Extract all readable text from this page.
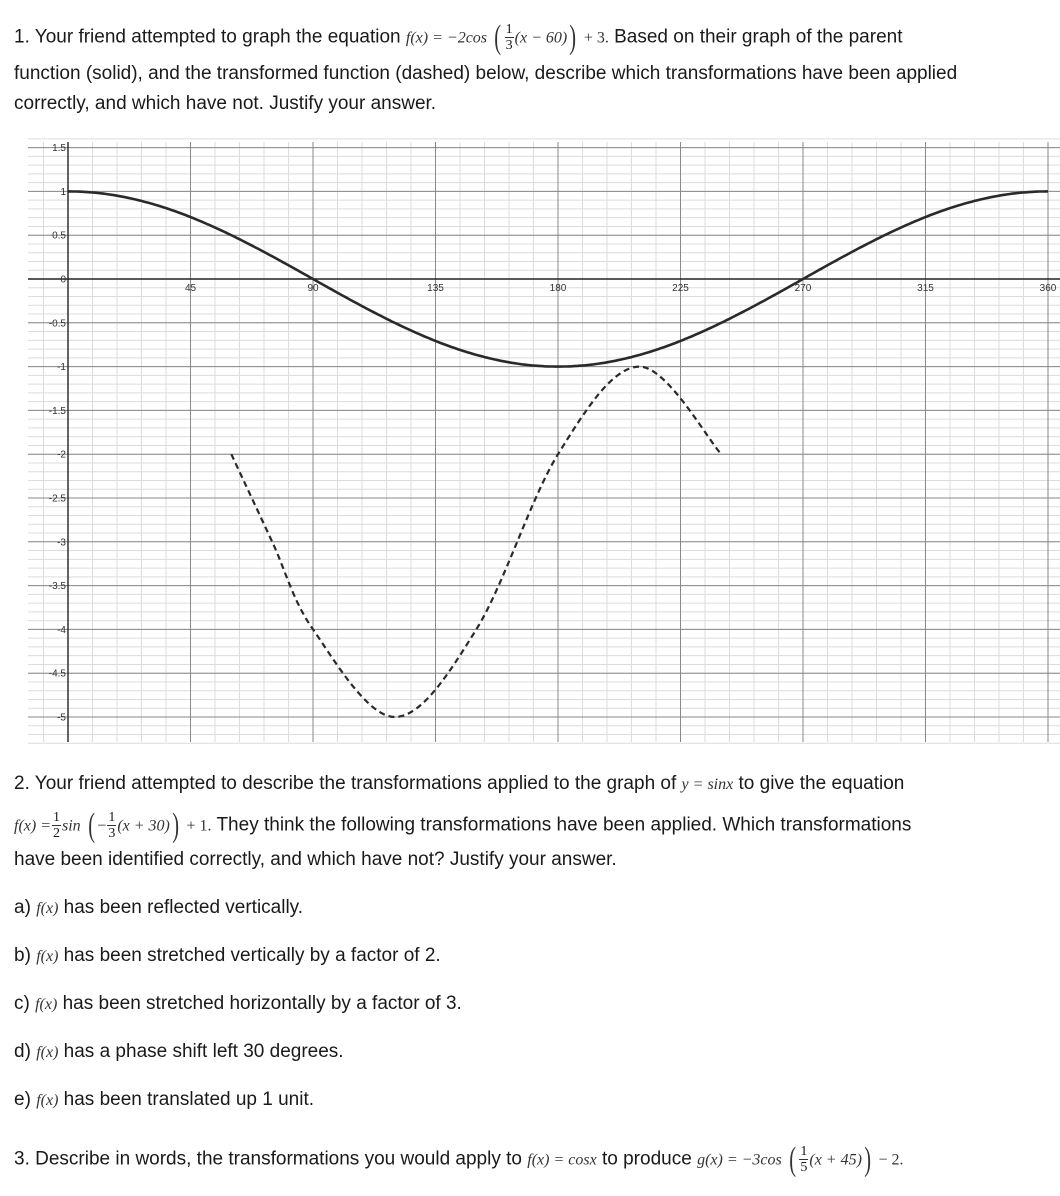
1. Your friend attempted to graph the equation f(x) = −2cos ( $\frac{1}{3} (x - 60)) + 3$. Based on their graph of the parent
function (solid), and the transformed function (dashed) below, describe which transformations have been applied
correctly, and which have not. Justify your answer.
45	90	135	180	225	270	315	360
1.5
1
0.5
0
-0.5
-1
-1.5
-2
-2.5
-3
-3.5
-4
-4.5
-5
2. Your friend attempted to describe the transformations applied to the graph of y = sinx to give the equation
$f(x) = \frac{1}{2}$ sin ( − $\frac{1}{3} (x + 30)) + 1$. They think the following transformations have been applied. Which transformations
have been identified correctly, and which have not? Justify your answer.
a) f(x) has been reflected vertically.
b) f(x) has been stretched vertically by a factor of 2.
c) f(x) has been stretched horizontally by a factor of 3.
d) f(x) has a phase shift left 30 degrees.
e) f(x) has been translated up 1 unit.
3. Describe in words, the transformations you would apply to f(x) = cosx to produce g(x) = −3cos ( $\frac{1}{5} (x + 45)) - 2$.
